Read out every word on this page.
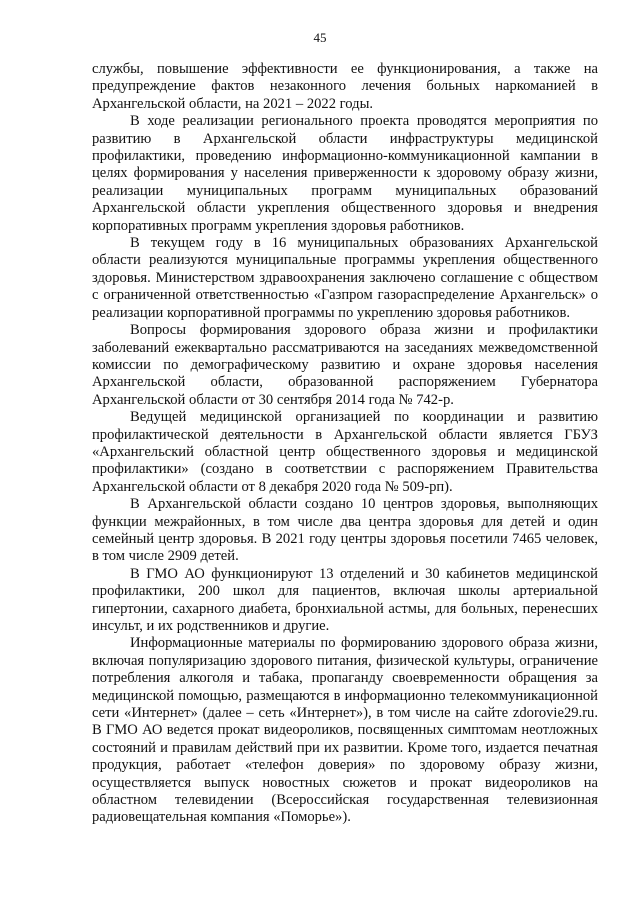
45

службы, повышение эффективности ее функционирования, а также на предупреждение фактов незаконного лечения больных наркоманией в Архангельской области, на 2021 – 2022 годы.

В ходе реализации регионального проекта проводятся мероприятия по развитию в Архангельской области инфраструктуры медицинской профилактики, проведению информационно-коммуникационной кампании в целях формирования у населения приверженности к здоровому образу жизни, реализации муниципальных программ муниципальных образований Архангельской области укрепления общественного здоровья и внедрения корпоративных программ укрепления здоровья работников.

В текущем году в 16 муниципальных образованиях Архангельской области реализуются муниципальные программы укрепления общественного здоровья. Министерством здравоохранения заключено соглашение с обществом с ограниченной ответственностью «Газпром газораспределение Архангельск» о реализации корпоративной программы по укреплению здоровья работников.

Вопросы формирования здорового образа жизни и профилактики заболеваний ежеквартально рассматриваются на заседаниях межведомственной комиссии по демографическому развитию и охране здоровья населения Архангельской области, образованной распоряжением Губернатора Архангельской области от 30 сентября 2014 года № 742-р.

Ведущей медицинской организацией по координации и развитию профилактической деятельности в Архангельской области является ГБУЗ «Архангельский областной центр общественного здоровья и медицинской профилактики» (создано в соответствии с распоряжением Правительства Архангельской области от 8 декабря 2020 года № 509-рп).

В Архангельской области создано 10 центров здоровья, выполняющих функции межрайонных, в том числе два центра здоровья для детей и один семейный центр здоровья. В 2021 году центры здоровья посетили 7465 человек, в том числе 2909 детей.

В ГМО АО функционируют 13 отделений и 30 кабинетов медицинской профилактики, 200 школ для пациентов, включая школы артериальной гипертонии, сахарного диабета, бронхиальной астмы, для больных, перенесших инсульт, и их родственников и другие.

Информационные материалы по формированию здорового образа жизни, включая популяризацию здорового питания, физической культуры, ограничение потребления алкоголя и табака, пропаганду своевременности обращения за медицинской помощью, размещаются в информационно телекоммуникационной сети «Интернет» (далее – сеть «Интернет»), в том числе на сайте zdorovie29.ru. В ГМО АО ведется прокат видеороликов, посвященных симптомам неотложных состояний и правилам действий при их развитии. Кроме того, издается печатная продукция, работает «телефон доверия» по здоровому образу жизни, осуществляется выпуск новостных сюжетов и прокат видеороликов на областном телевидении (Всероссийская государственная телевизионная радиовещательная компания «Поморье»).
